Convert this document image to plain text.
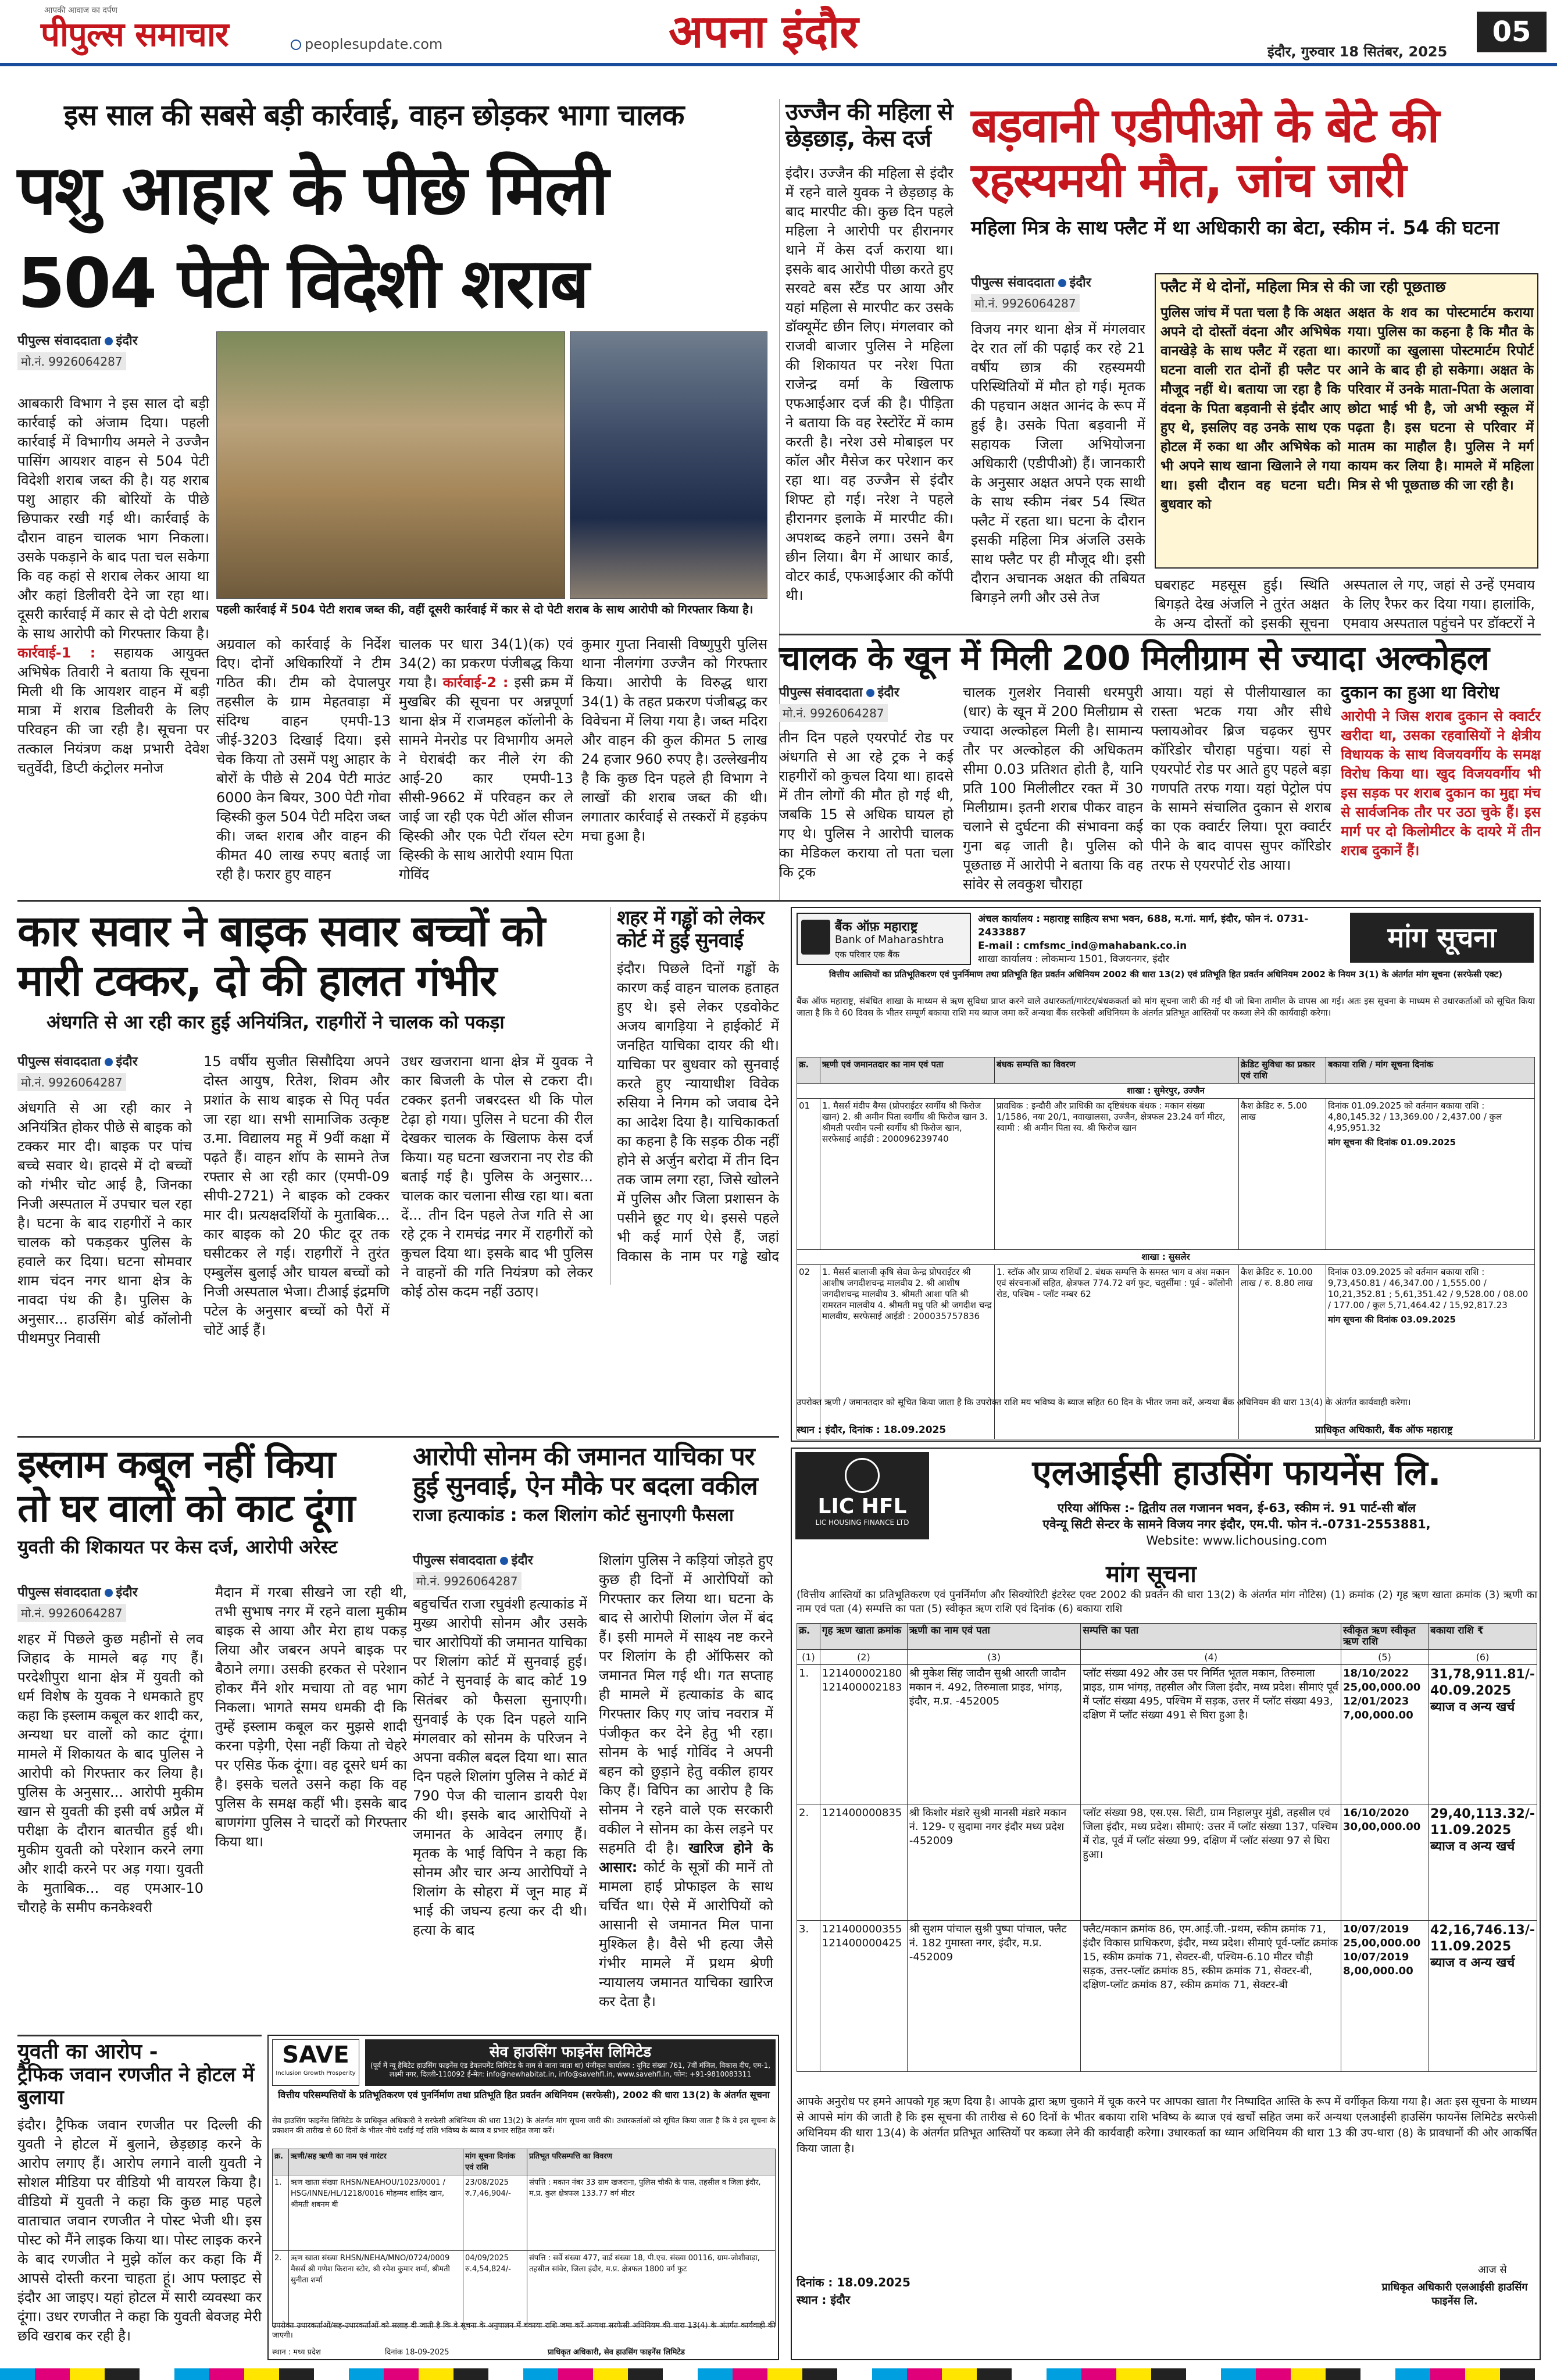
आपकी आवाज का दर्पण
पीपुल्स समाचार	peoplesupdate.com	अपना इंदौर	इंदौर, गुरुवार 18 सितंबर, 2025
05
इस साल की सबसे बड़ी कार्रवाई, वाहन छोड़कर भागा चालक
पशु आहार के पीछे मिली
504 पेटी विदेशी शराब
पीपुल्स संवाददाता इंदौर
मो.नं. 9926064287
पहली कार्रवाई में 504 पेटी शराब जब्त की, वहीं दूसरी कार्रवाई में कार से दो पेटी शराब के साथ आरोपी को गिरफ्तार किया है।
आबकारी विभाग ने इस साल दो बड़ी कार्रवाई को अंजाम दिया। पहली कार्रवाई में विभागीय अमले ने उज्जैन पासिंग आयशर वाहन से 504 पेटी विदेशी शराब जब्त की है। यह शराब पशु आहार की बोरियों के पीछे छिपाकर रखी गई थी। कार्रवाई के दौरान वाहन चालक भाग निकला। उसके पकड़ाने के बाद पता चल सकेगा कि वह कहां से शराब लेकर आया था और कहां डिलीवरी देने जा रहा था। दूसरी कार्रवाई में कार से दो पेटी शराब के साथ आरोपी को गिरफ्तार किया है। कार्रवाई-1 : सहायक आयुक्त अभिषेक तिवारी ने बताया कि सूचना मिली थी कि आयशर वाहन में बड़ी मात्रा में शराब डिलीवरी के लिए परिवहन की जा रही है। सूचना पर तत्काल नियंत्रण कक्ष प्रभारी देवेश चतुर्वेदी, डिप्टी कंट्रोलर मनोज
अग्रवाल को कार्रवाई के निर्देश दिए। दोनों अधिकारियों ने टीम गठित की। टीम को देपालपुर तहसील के ग्राम मेहतवाड़ा में संदिग्ध वाहन एमपी-13 जीई-3203 दिखाई दिया। इसे चेक किया तो उसमें पशु आहार के बोरों के पीछे से 204 पेटी माउंट 6000 केन बियर, 300 पेटी गोवा व्हिस्की कुल 504 पेटी मदिरा जब्त की। जब्त शराब और वाहन की कीमत 40 लाख रुपए बताई जा रही है। फरार हुए वाहन
चालक पर धारा 34(1)(क) एवं 34(2) का प्रकरण पंजीबद्ध किया गया है। कार्रवाई-2 : इसी क्रम में मुखबिर की सूचना पर अन्नपूर्णा थाना क्षेत्र में राजमहल कॉलोनी के सामने मेनरोड पर विभागीय अमले ने घेराबंदी कर नीले रंग की आई-20 कार एमपी-13 सीसी-9662 में परिवहन कर ले जाई जा रही एक पेटी ऑल सीजन व्हिस्की और एक पेटी रॉयल स्टेग व्हिस्की के साथ आरोपी श्याम पिता गोविंद
कुमार गुप्ता निवासी विष्णुपुरी पुलिस थाना नीलगंगा उज्जैन को गिरफ्तार किया। आरोपी के विरुद्ध धारा 34(1) के तहत प्रकरण पंजीबद्ध कर विवेचना में लिया गया है। जब्त मदिरा और वाहन की कुल कीमत 5 लाख 24 हजार 960 रुपए है। उल्लेखनीय है कि कुछ दिन पहले ही विभाग ने लाखों की शराब जब्त की थी। लगातार कार्रवाई से तस्करों में हड़कंप मचा हुआ है।
उज्जैन की महिला से छेड़छाड़, केस दर्ज
इंदौर। उज्जैन की महिला से इंदौर में रहने वाले युवक ने छेड़छाड़ के बाद मारपीट की। कुछ दिन पहले महिला ने आरोपी पर हीरानगर थाने में केस दर्ज कराया था। इसके बाद आरोपी पीछा करते हुए सरवटे बस स्टैंड पर आया और यहां महिला से मारपीट कर उसके डॉक्यूमेंट छीन लिए। मंगलवार को राजवी बाजार पुलिस ने महिला की शिकायत पर नरेश पिता राजेन्द्र वर्मा के खिलाफ एफआईआर दर्ज की है। पीड़िता ने बताया कि वह रेस्टोरेंट में काम करती है। नरेश उसे मोबाइल पर कॉल और मैसेज कर परेशान कर रहा था। वह उज्जैन से इंदौर शिफ्ट हो गई। नरेश ने पहले हीरानगर इलाके में मारपीट की। अपशब्द कहने लगा। उसने बैग छीन लिया। बैग में आधार कार्ड, वोटर कार्ड, एफआईआर की कॉपी थी।
बड़वानी एडीपीओ के बेटे की
रहस्यमयी मौत, जांच जारी
महिला मित्र के साथ फ्लैट में था अधिकारी का बेटा, स्कीम नं. 54 की घटना
पीपुल्स संवाददाता इंदौर
मो.नं. 9926064287
विजय नगर थाना क्षेत्र में मंगलवार देर रात लॉ की पढ़ाई कर रहे 21 वर्षीय छात्र की रहस्यमयी परिस्थितियों में मौत हो गई। मृतक की पहचान अक्षत आनंद के रूप में हुई है। उसके पिता बड़वानी में सहायक जिला अभियोजना अधिकारी (एडीपीओ) हैं। जानकारी के अनुसार अक्षत अपने एक साथी के साथ स्कीम नंबर 54 स्थित फ्लैट में रहता था। घटना के दौरान इसकी महिला मित्र अंजलि उसके साथ फ्लैट पर ही मौजूद थी। इसी दौरान अचानक अक्षत की तबियत बिगड़ने लगी और उसे तेज
घबराहट महसूस हुई। स्थिति बिगड़ते देख अंजलि ने तुरंत अक्षत के अन्य दोस्तों को इसकी सूचना
अस्पताल ले गए, जहां से उन्हें एमवाय के लिए रैफर कर दिया गया। हालांकि, एमवाय अस्पताल पहुंचने पर डॉक्टरों ने
फ्लैट में थे दोनों, महिला मित्र से की जा रही पूछताछ
पुलिस जांच में पता चला है कि अक्षत अपने दो दोस्तों वंदना और अभिषेक वानखेड़े के साथ फ्लैट में रहता था। घटना वाली रात दोनों ही फ्लैट पर मौजूद नहीं थे। बताया जा रहा है कि वंदना के पिता बड़वानी से इंदौर आए हुए थे, इसलिए वह उनके साथ एक होटल में रुका था और अभिषेक को भी अपने साथ खाना खिलाने ले गया था। इसी दौरान वह घटना घटी। बुधवार को
अक्षत के शव का पोस्टमार्टम कराया गया। पुलिस का कहना है कि मौत के कारणों का खुलासा पोस्टमार्टम रिपोर्ट आने के बाद ही हो सकेगा। अक्षत के परिवार में उनके माता-पिता के अलावा छोटा भाई भी है, जो अभी स्कूल में पढ़ता है। इस घटना से परिवार में मातम का माहौल है। पुलिस ने मर्ग कायम कर लिया है। मामले में महिला मित्र से भी पूछताछ की जा रही है।
चालक के खून में मिली 200 मिलीग्राम से ज्यादा अल्कोहल
पीपुल्स संवाददाता इंदौर
मो.नं. 9926064287
तीन दिन पहले एयरपोर्ट रोड पर अंधगति से आ रहे ट्रक ने कई राहगीरों को कुचल दिया था। हादसे में तीन लोगों की मौत हो गई थी, जबकि 15 से अधिक घायल हो गए थे। पुलिस ने आरोपी चालक का मेडिकल कराया तो पता चला कि ट्रक
चालक गुलशेर निवासी धरमपुरी (धार) के खून में 200 मिलीग्राम से ज्यादा अल्कोहल मिली है। सामान्य तौर पर अल्कोहल की अधिकतम सीमा 0.03 प्रतिशत होती है, यानि प्रति 100 मिलीलीटर रक्त में 30 मिलीग्राम। इतनी शराब पीकर वाहन चलाने से दुर्घटना की संभावना कई गुना बढ़ जाती है। पुलिस को पूछताछ में आरोपी ने बताया कि वह सांवेर से लवकुश चौराहा
आया। यहां से पीलीयाखाल का रास्ता भटक गया और सीधे फ्लायओवर ब्रिज चढ़कर सुपर कॉरिडोर चौराहा पहुंचा। यहां से एयरपोर्ट रोड पर आते हुए पहले बड़ा गणपति तरफ गया। यहां पेट्रोल पंप के सामने संचालित दुकान से शराब का एक क्वार्टर लिया। पूरा क्वार्टर पीने के बाद वापस सुपर कॉरिडोर तरफ से एयरपोर्ट रोड आया।
दुकान का हुआ था विरोध
आरोपी ने जिस शराब दुकान से क्वार्टर खरीदा था, उसका रहवासियों ने क्षेत्रीय विधायक के साथ विजयवर्गीय के समक्ष विरोध किया था। खुद विजयवर्गीय भी इस सड़क पर शराब दुकान का मुद्दा मंच से सार्वजनिक तौर पर उठा चुके हैं। इस मार्ग पर दो किलोमीटर के दायरे में तीन शराब दुकानें हैं।
कार सवार ने बाइक सवार बच्चों को
मारी टक्कर, दो की हालत गंभीर
अंधगति से आ रही कार हुई अनियंत्रित, राहगीरों ने चालक को पकड़ा
पीपुल्स संवाददाता इंदौर
मो.नं. 9926064287
अंधगति से आ रही कार ने अनियंत्रित होकर पीछे से बाइक को टक्कर मार दी। बाइक पर पांच बच्चे सवार थे। हादसे में दो बच्चों को गंभीर चोट आई है, जिनका निजी अस्पताल में उपचार चल रहा है। घटना के बाद राहगीरों ने कार चालक को पकड़कर पुलिस के हवाले कर दिया। घटना सोमवार शाम चंदन नगर थाना क्षेत्र के नावदा पंथ की है। पुलिस के अनुसार... हाउसिंग बोर्ड कॉलोनी पीथमपुर निवासी
15 वर्षीय सुजीत सिसौदिया अपने दोस्त आयुष, रितेश, शिवम और प्रशांत के साथ बाइक से पितृ पर्वत जा रहा था। सभी सामाजिक उत्कृष्ट उ.मा. विद्यालय महू में 9वीं कक्षा में पढ़ते हैं। वाहन शॉप के सामने तेज रफ्तार से आ रही कार (एमपी-09 सीपी-2721) ने बाइक को टक्कर मार दी। प्रत्यक्षदर्शियों के मुताबिक... कार बाइक को 20 फीट दूर तक घसीटकर ले गई। राहगीरों ने तुरंत एम्बुलेंस बुलाई और घायल बच्चों को निजी अस्पताल भेजा। टीआई इंद्रमणि पटेल के अनुसार बच्चों को पैरों में चोटें आई हैं।
उधर खजराना थाना क्षेत्र में युवक ने कार बिजली के पोल से टकरा दी। टक्कर इतनी जबरदस्त थी कि पोल टेढ़ा हो गया। पुलिस ने घटना की रील देखकर चालक के खिलाफ केस दर्ज किया। यह घटना खजराना नए रोड की बताई गई है। पुलिस के अनुसार... चालक कार चलाना सीख रहा था। बता दें... तीन दिन पहले तेज गति से आ रहे ट्रक ने रामचंद्र नगर में राहगीरों को कुचल दिया था। इसके बाद भी पुलिस ने वाहनों की गति नियंत्रण को लेकर कोई ठोस कदम नहीं उठाए।
शहर में गड्ढों को लेकर कोर्ट में हुई सुनवाई
इंदौर। पिछले दिनों गड्ढों के कारण कई वाहन चालक हताहत हुए थे। इसे लेकर एडवोकेट अजय बागड़िया ने हाईकोर्ट में जनहित याचिका दायर की थी। याचिका पर बुधवार को सुनवाई करते हुए न्यायाधीश विवेक रुसिया ने निगम को जवाब देने का आदेश दिया है। याचिकाकर्ता का कहना है कि सड़क ठीक नहीं होने से अर्जुन बरोदा में तीन दिन तक जाम लगा रहा, जिसे खोलने में पुलिस और जिला प्रशासन के पसीने छूट गए थे। इससे पहले भी कई मार्ग ऐसे हैं, जहां विकास के नाम पर गड्ढे खोद
बैंक ऑफ़ महाराष्ट्र
Bank of Maharashtra
एक परिवार एक बैंक
अंचल कार्यालय : महाराष्ट्र साहित्य सभा भवन, 688, म.गां. मार्ग, इंदौर, फोन नं. 0731-2433887
E-mail : cmfsmc_ind@mahabank.co.in
शाखा कार्यालय : लोकमान्य 1501, विजयनगर, इंदौर
मांग सूचना
वित्तीय आस्तियों का प्रतिभूतिकरण एवं पुनर्निमाण तथा प्रतिभूति हित प्रवर्तन अधिनियम 2002 की धारा 13(2) एवं प्रतिभूति हित प्रवर्तन अधिनियम 2002 के नियम 3(1) के अंतर्गत मांग सूचना (सरफेसी एक्ट)
बैंक ऑफ महाराष्ट्र, संबंधित शाखा के माध्यम से ऋण सुविधा प्राप्त करने वाले उधारकर्ता/गारंटर/बंधककर्ता को मांग सूचना जारी की गई थी जो बिना तामील के वापस आ गई। अतः इस सूचना के माध्यम से उधारकर्ताओं को सूचित किया जाता है कि वे 60 दिवस के भीतर सम्पूर्ण बकाया राशि मय ब्याज जमा करें अन्यथा बैंक सरफेसी अधिनियम के अंतर्गत प्रतिभूत आस्तियों पर कब्जा लेने की कार्यवाही करेगा।
क्र.	ऋणी एवं जमानतदार का नाम एवं पता	बंधक सम्पत्ति का विवरण	क्रेडिट सुविधा का प्रकार एवं राशि	बकाया राशि / मांग सूचना दिनांक
शाखा : सुमेरपुर, उज्जैन				
01	1. मैसर्स मंदीप बैग्स (प्रोपराईटर स्वर्गीय श्री फिरोज खान) 2. श्री अमीन पिता स्वर्गीय श्री फिरोज खान 3. श्रीमती परवीन पत्नी स्वर्गीय श्री फिरोज खान, सरफेसाई आईडी : 200096239740	प्रावधिक : इन्दौरी और प्राधिकी का दृष्टिबंधक बंधक : मकान संख्या 1/1586, नया 20/1, नवाखालसा, उज्जैन, क्षेत्रफल 23.24 वर्ग मीटर, स्वामी : श्री अमीन पिता स्व. श्री फिरोज खान	कैश क्रेडिट रु. 5.00 लाख	दिनांक 01.09.2025 को वर्तमान बकाया राशि : 4,80,145.32 / 13,369.00 / 2,437.00 / कुल 4,95,951.32
मांग सूचना की दिनांक 01.09.2025

शाखा : सुसलेर				
02	1. मैसर्स बालाजी कृषि सेवा केन्द्र प्रोपराईटर श्री आशीष जगदीशचन्द्र मालवीय 2. श्री आशीष जगदीशचन्द्र मालवीय 3. श्रीमती आशा पति श्री रामरतन मालवीय 4. श्रीमती मधु पति श्री जगदीश चन्द्र मालवीय, सरफेसाई आईडी : 200035757836	1. स्टॉक और प्राप्य राशियाँ 2. बंधक सम्पत्ति के समस्त भाग व अंश मकान एवं संरचनाओं सहित, क्षेत्रफल 774.72 वर्ग फुट, चतुर्सीमा : पूर्व - कॉलोनी रोड, पश्चिम - प्लॉट नम्बर 62	कैश क्रेडिट रु. 10.00 लाख / रु. 8.80 लाख	दिनांक 03.09.2025 को वर्तमान बकाया राशि : 9,73,450.81 / 46,347.00 / 1,555.00 / 10,21,352.81 ; 5,61,351.42 / 9,528.00 / 08.00 / 177.00 / कुल 5,71,464.42 / 15,92,817.23
मांग सूचना की दिनांक 03.09.2025
उपरोक्त ऋणी / जमानतदार को सूचित किया जाता है कि उपरोक्त राशि मय भविष्य के ब्याज सहित 60 दिन के भीतर जमा करें, अन्यथा बैंक अधिनियम की धारा 13(4) के अंतर्गत कार्यवाही करेगा।
स्थान : इंदौर, दिनांक : 18.09.2025	प्राधिकृत अधिकारी, बैंक ऑफ महाराष्ट्र
इस्लाम कबूल नहीं किया
तो घर वालों को काट दूंगा
युवती की शिकायत पर केस दर्ज, आरोपी अरेस्ट
पीपुल्स संवाददाता इंदौर
मो.नं. 9926064287
शहर में पिछले कुछ महीनों से लव जिहाद के मामले बढ़ गए हैं। परदेशीपुरा थाना क्षेत्र में युवती को धर्म विशेष के युवक ने धमकाते हुए कहा कि इस्लाम कबूल कर शादी कर, अन्यथा घर वालों को काट दूंगा। मामले में शिकायत के बाद पुलिस ने आरोपी को गिरफ्तार कर लिया है। पुलिस के अनुसार... आरोपी मुकीम खान से युवती की इसी वर्ष अप्रैल में परीक्षा के दौरान बातचीत हुई थी। मुकीम युवती को परेशान करने लगा और शादी करने पर अड़ गया। युवती के मुताबिक... वह एमआर-10 चौराहे के समीप कनकेश्वरी
मैदान में गरबा सीखने जा रही थी, तभी सुभाष नगर में रहने वाला मुकीम बाइक से आया और मेरा हाथ पकड़ लिया और जबरन अपने बाइक पर बैठाने लगा। उसकी हरकत से परेशान होकर मैंने शोर मचाया तो वह भाग निकला। भागते समय धमकी दी कि तुम्हें इस्लाम कबूल कर मुझसे शादी करना पड़ेगी, ऐसा नहीं किया तो चेहरे पर एसिड फेंक दूंगा। वह दूसरे धर्म का है। इसके चलते उसने कहा कि वह पुलिस के समक्ष कहीं भी। इसके बाद बाणगंगा पुलिस ने चादरों को गिरफ्तार किया था।
आरोपी सोनम की जमानत याचिका पर
हुई सुनवाई, ऐन मौके पर बदला वकील
राजा हत्याकांड : कल शिलांग कोर्ट सुनाएगी फैसला
पीपुल्स संवाददाता इंदौर
मो.नं. 9926064287
बहुचर्चित राजा रघुवंशी हत्याकांड में मुख्य आरोपी सोनम और उसके चार आरोपियों की जमानत याचिका पर शिलांग कोर्ट में सुनवाई हुई। कोर्ट ने सुनवाई के बाद कोर्ट 19 सितंबर को फैसला सुनाएगी। सुनवाई के एक दिन पहले यानि मंगलवार को सोनम के परिजन ने अपना वकील बदल दिया था। सात दिन पहले शिलांग पुलिस ने कोर्ट में 790 पेज की चालान डायरी पेश की थी। इसके बाद आरोपियों ने जमानत के आवेदन लगाए हैं। मृतक के भाई विपिन ने कहा कि सोनम और चार अन्य आरोपियों ने शिलांग के सोहरा में जून माह में भाई की जघन्य हत्या कर दी थी। हत्या के बाद
शिलांग पुलिस ने कड़ियां जोड़ते हुए कुछ ही दिनों में आरोपियों को गिरफ्तार कर लिया था। घटना के बाद से आरोपी शिलांग जेल में बंद हैं। इसी मामले में साक्ष्य नष्ट करने पर शिलांग के ही ऑफिसर को जमानत मिल गई थी। गत सप्ताह ही मामले में हत्याकांड के बाद गिरफ्तार किए गए जांच नवरात्र में पंजीकृत कर देने हेतु भी रहा। सोनम के भाई गोविंद ने अपनी बहन को छुड़ाने हेतु वकील हायर किए हैं। विपिन का आरोप है कि सोनम ने रहने वाले एक सरकारी वकील ने सोनम का केस लड़ने पर सहमति दी है। खारिज होने के आसार: कोर्ट के सूत्रों की मानें तो मामला हाई प्रोफाइल के साथ चर्चित था। ऐसे में आरोपियों को आसानी से जमानत मिल पाना मुश्किल है। वैसे भी हत्या जैसे गंभीर मामले में प्रथम श्रेणी न्यायालय जमानत याचिका खारिज कर देता है।
युवती का आरोप -
ट्रैफिक जवान रणजीत ने होटल में बुलाया
इंदौर। ट्रैफिक जवान रणजीत पर दिल्ली की युवती ने होटल में बुलाने, छेड़छाड़ करने के आरोप लगाए हैं। आरोप लगाने वाली युवती ने सोशल मीडिया पर वीडियो भी वायरल किया है। वीडियो में युवती ने कहा कि कुछ माह पहले वाताचात जवान रणजीत ने पोस्ट भेजी थी। इस पोस्ट को मैंने लाइक किया था। पोस्ट लाइक करने के बाद रणजीत ने मुझे कॉल कर कहा कि मैं आपसे दोस्ती करना चाहता हूं। आप फ्लाइट से इंदौर आ जाइए। यहां होटल में सारी व्यवस्था कर दूंगा। उधर रणजीत ने कहा कि युवती बेवजह मेरी छवि खराब कर रही है।
SAVE
Inclusion Growth Prosperity
सेव हाउसिंग फाइनेंस लिमिटेड
(पूर्व में न्यू हैबिटेट हाउसिंग फाइनेंस एंड डेवलपमेंट लिमिटेड के नाम से जाना जाता था) पंजीकृत कार्यालय : यूनिट संख्या 761, 7वीं मंजिल, विकास दीप, एम-1, लक्ष्मी नगर, दिल्ली-110092 ई-मेल: info@newhabitat.in, info@savehfl.in, www.savehfl.in, फोन: +91-9810083311
वित्तीय परिसम्पत्तियों के प्रतिभूतिकरण एवं पुनर्निर्माण तथा प्रतिभूति हित प्रवर्तन अधिनियम (सरफेसी), 2002 की धारा 13(2) के अंतर्गत सूचना
सेव हाउसिंग फाइनेंस लिमिटेड के प्राधिकृत अधिकारी ने सरफेसी अधिनियम की धारा 13(2) के अंतर्गत मांग सूचना जारी की। उधारकर्ताओं को सूचित किया जाता है कि वे इस सूचना के प्रकाशन की तारीख से 60 दिनों के भीतर नीचे दर्शाई गई राशि भविष्य के ब्याज व प्रभार सहित जमा करें।
क्र.	ऋणी/सह ऋणी का नाम एवं गारंटर	मांग सूचना दिनांक एवं राशि	प्रतिभूत परिसम्पत्ति का विवरण
1.	ऋण खाता संख्या RHSN/NEAHOU/1023/0001 / HSG/INNE/HL/1218/0016 मोहम्मद शाहिद खान, श्रीमती शबनम बी	23/08/2025 रु.7,46,904/-	संपत्ति : मकान नंबर 33 ग्राम खजराना, पुलिस चौकी के पास, तहसील व जिला इंदौर, म.प्र. कुल क्षेत्रफल 133.77 वर्ग मीटर
2.	ऋण खाता संख्या RHSN/NEHA/MNO/0724/0009 मैसर्स श्री गणेश किराना स्टोर, श्री रमेश कुमार शर्मा, श्रीमती सुनीता शर्मा	04/09/2025 रु.4,54,824/-	संपत्ति : सर्वे संख्या 477, वार्ड संख्या 18, पी.एच. संख्या 00116, ग्राम-जोशीवाड़ा, तहसील सांवेर, जिला इंदौर, म.प्र. क्षेत्रफल 1800 वर्ग फुट
उपरोक्त उधारकर्ताओं/सह-उधारकर्ताओं को सलाह दी जाती है कि वे सूचना के अनुपालन में बकाया राशि जमा करें अन्यथा सरफेसी अधिनियम की धारा 13(4) के अंतर्गत कार्यवाही की जाएगी।
स्थान : मध्य प्रदेश	दिनांक 18-09-2025	प्राधिकृत अधिकारी, सेव हाउसिंग फाइनेंस लिमिटेड
LIC HFL
LIC HOUSING FINANCE LTD
एलआईसी हाउसिंग फायनेंस लि.
एरिया ऑफिस :- द्वितीय तल गजानन भवन, ई-63, स्कीम नं. 91 पार्ट-सी बॉल
एवेन्यू सिटी सेन्टर के सामने विजय नगर इंदौर, एम.पी. फोन नं.-0731-2553881,
Website: www.lichousing.com
मांग सूचना
(वित्तीय आस्तियों का प्रतिभूतिकरण एवं पुनर्निर्माण और सिक्योरिटी इंटरेस्ट एक्ट 2002 की प्रवर्तन की धारा 13(2) के अंतर्गत मांग नोटिस) (1) क्रमांक (2) गृह ऋण खाता क्रमांक (3) ऋणी का नाम एवं पता (4) सम्पत्ति का पता (5) स्वीकृत ऋण राशि एवं दिनांक (6) बकाया राशि
क्र.	गृह ऋण खाता क्रमांक	ऋणी का नाम एवं पता	सम्पत्ति का पता	स्वीकृत ऋण स्वीकृत ऋण राशि	बकाया राशि ₹
(1)	(2)	(3)	(4)	(5)	(6)
1.	121400002180 121400002183	श्री मुकेश सिंह जादौन सुश्री आरती जादौन मकान नं. 492, तिरुमाला प्राइड, भांगड़, इंदौर, म.प्र. -452005	प्लॉट संख्या 492 और उस पर निर्मित भूतल मकान, तिरुमाला प्राइड, ग्राम भांगड़, तहसील और जिला इंदौर, मध्य प्रदेश। सीमाएं पूर्व में प्लॉट संख्या 495, पश्चिम में सड़क, उत्तर में प्लॉट संख्या 493, दक्षिण में प्लॉट संख्या 491 से घिरा हुआ है।	18/10/2022 25,00,000.00 12/01/2023 7,00,000.00	31,78,911.81/- 40.09.2025 ब्याज व अन्य खर्च
2.	121400000835	श्री किशोर मंडारे सुश्री मानसी मंडारे मकान नं. 129- ए सुदामा नगर इंदौर मध्य प्रदेश -452009	प्लॉट संख्या 98, एस.एस. सिटी, ग्राम निहालपुर मुंडी, तहसील एवं जिला इंदौर, मध्य प्रदेश। सीमाएं: उत्तर में प्लॉट संख्या 137, पश्चिम में रोड, पूर्व में प्लॉट संख्या 99, दक्षिण में प्लॉट संख्या 97 से घिरा हुआ।	16/10/2020 30,00,000.00	29,40,113.32/- 11.09.2025 ब्याज व अन्य खर्च
3.	121400000355 121400000425	श्री सुशम पांचाल सुश्री पुष्पा पांचाल, फ्लैट नं. 182 गुमास्ता नगर, इंदौर, म.प्र. -452009	फ्लैट/मकान क्रमांक 86, एम.आई.जी.-प्रथम, स्कीम क्रमांक 71, इंदौर विकास प्राधिकरण, इंदौर, मध्य प्रदेश। सीमाएं पूर्व-प्लॉट क्रमांक 15, स्कीम क्रमांक 71, सेक्टर-बी, पश्चिम-6.10 मीटर चौड़ी सड़क, उत्तर-प्लॉट क्रमांक 85, स्कीम क्रमांक 71, सेक्टर-बी, दक्षिण-प्लॉट क्रमांक 87, स्कीम क्रमांक 71, सेक्टर-बी	10/07/2019 25,00,000.00 10/07/2019 8,00,000.00	42,16,746.13/- 11.09.2025 ब्याज व अन्य खर्च
आपके अनुरोध पर हमने आपको गृह ऋण दिया है। आपके द्वारा ऋण चुकाने में चूक करने पर आपका खाता गैर निष्पादित आस्ति के रूप में वर्गीकृत किया गया है। अतः इस सूचना के माध्यम से आपसे मांग की जाती है कि इस सूचना की तारीख से 60 दिनों के भीतर बकाया राशि भविष्य के ब्याज एवं खर्चों सहित जमा करें अन्यथा एलआईसी हाउसिंग फायनेंस लिमिटेड सरफेसी अधिनियम की धारा 13(4) के अंतर्गत प्रतिभूत आस्तियों पर कब्जा लेने की कार्यवाही करेगा। उधारकर्ता का ध्यान अधिनियम की धारा 13 की उप-धारा (8) के प्रावधानों की ओर आकर्षित किया जाता है।
दिनांक : 18.09.2025
स्थान : इंदौर
आज से
प्राधिकृत अधिकारी एलआईसी हाउसिंग फाइनेंस लि.
